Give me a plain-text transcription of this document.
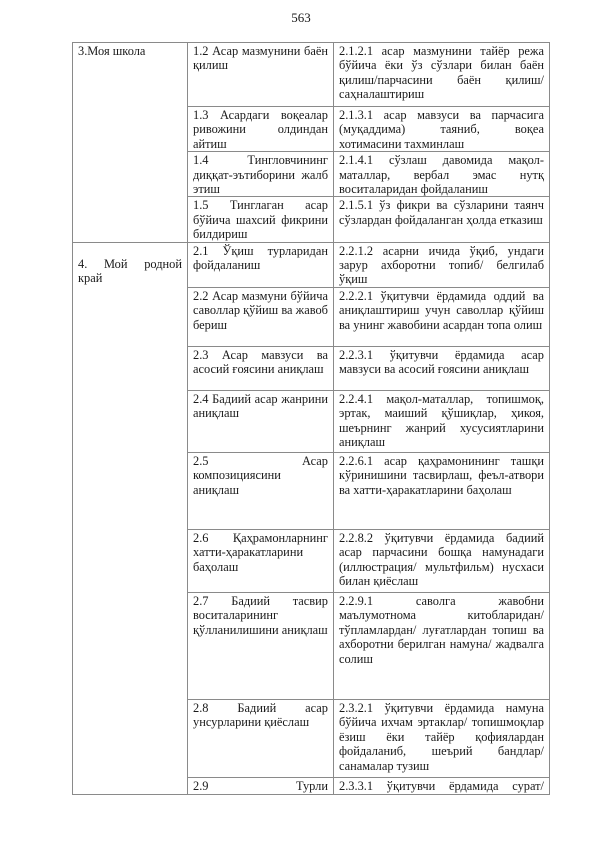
563
3.Моя школа	1.2 Асар мазмунини баён қилиш	2.1.2.1 асар мазмунини тайёр режа бўйича ёки ўз сўзлари билан баён қилиш/парчасини баён қилиш/ саҳналаштириш
	1.3 Асардаги воқеалар ривожини олдиндан айтиш	2.1.3.1 асар мавзуси ва парчасига (муқаддима) таяниб, воқеа хотимасини тахминлаш
	1.4 Тингловчининг диққат-эътиборини жалб этиш	2.1.4.1 сўзлаш давомида мақол-маталлар, вербал эмас нутқ воситаларидан фойдаланиш
	1.5 Тинглаган асар бўйича шахсий фикрини билдириш	2.1.5.1 ўз фикри ва сўзларини таянч сўзлардан фойдаланган ҳолда етказиш

4. Мой родной край	2.1 Ўқиш турларидан фойдаланиш	2.2.1.2 асарни ичида ўқиб, ундаги зарур ахборотни топиб/ белгилаб ўқиш
	2.2 Асар мазмуни бўйича саволлар қўйиш ва жавоб бериш	2.2.2.1 ўқитувчи ёрдамида оддий ва аниқлаштириш учун саволлар қўйиш ва унинг жавобини асардан топа олиш
	2.3 Асар мавзуси ва асосий ғоясини аниқлаш	2.2.3.1 ўқитувчи ёрдамида асар мавзуси ва асосий ғоясини аниқлаш
	2.4 Бадиий асар жанрини аниқлаш	2.2.4.1 мақол-маталлар, топишмоқ, эртак, маиший қўшиқлар, ҳикоя, шеърнинг жанрий хусусиятларини аниқлаш
	2.5 Асар композициясини аниқлаш	2.2.6.1 асар қаҳрамонининг ташқи кўринишини тасвирлаш, феъл-атвори ва хатти-ҳаракатларини баҳолаш
	2.6 Қаҳрамонларнинг хатти-ҳаракатларини баҳолаш	2.2.8.2 ўқитувчи ёрдамида бадиий асар парчасини бошқа намунадаги (иллюстрация/ мультфильм) нусхаси билан қиёслаш
	2.7 Бадиий тасвир воситаларининг қўлланилишини аниқлаш	2.2.9.1 саволга жавобни маълумотнома китобларидан/ тўпламлардан/ луғатлардан топиш ва ахборотни берилган намуна/ жадвалга солиш
	2.8 Бадиий асар унсурларини қиёслаш	2.3.2.1 ўқитувчи ёрдамида намуна бўйича ихчам эртаклар/ топишмоқлар ёзиш ёки тайёр қофиялардан фойдаланиб, шеърий бандлар/санамалар тузиш

	2.9 Турли	2.3.3.1 ўқитувчи ёрдамида сурат/
